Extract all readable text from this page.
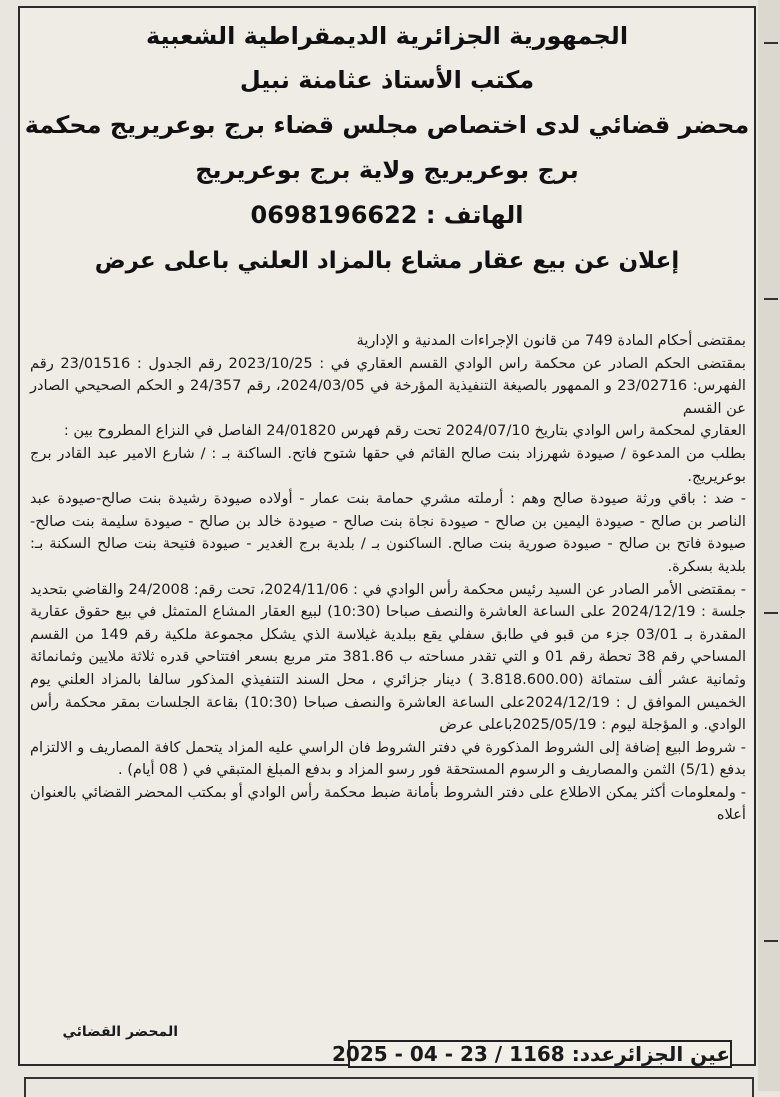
الجمهورية الجزائرية الديمقراطية الشعبية
مكتب الأستاذ عثامنة نبيل
محضر قضائي لدى اختصاص مجلس قضاء برج بوعريريج محكمة
برج بوعريريج ولاية برج بوعريريج
الهاتف : 0698196622
إعلان عن بيع عقار مشاع بالمزاد العلني باعلى عرض

بمقتضى أحكام المادة 749 من قانون الإجراءات المدنية و الإدارية

بمقتضى الحكم الصادر عن محكمة راس الوادي القسم العقاري في : 2023/10/25 رقم الجدول : 23/01516 رقم الفهرس: 23/02716 و الممهور بالصيغة التنفيذية المؤرخة في 2024/03/05، رقم 24/357 و الحكم الصحيحي الصادر عن القسم

العقاري لمحكمة راس الوادي بتاريخ 2024/07/10 تحت رقم فهرس 24/01820 الفاصل في النزاع المطروح بين :

بطلب من المدعوة / صيودة شهرزاد بنت صالح القائم في حقها شتوح فاتح. الساكنة بـ : / شارع الامير عبد القادر برج بوعريريج.

- ضد : باقي ورثة صيودة صالح وهم : أرملته مشري حمامة بنت عمار - أولاده صيودة رشيدة بنت صالح-صيودة عبد الناصر بن صالح - صيودة اليمين بن صالح - صيودة نجاة بنت صالح - صيودة خالد بن صالح - صيودة سليمة بنت صالح-صيودة فاتح بن صالح - صيودة صورية بنت صالح. الساكنون بـ / بلدية برج الغدير - صيودة فتيحة بنت صالح السكنة بـ: بلدية بسكرة.

- بمقتضى الأمر الصادر عن السيد رئيس محكمة رأس الوادي في : 2024/11/06، تحت رقم: 24/2008 والقاضي بتحديد جلسة : 2024/12/19 على الساعة العاشرة والنصف صباحا (10:30) لبيع العقار المشاع المتمثل في بيع حقوق عقارية المقدرة بـ 03/01 جزء من قبو في طابق سفلي يقع ببلدية غيلاسة الذي يشكل مجموعة ملكية رقم 149 من القسم المساحي رقم 38 تحطة رقم 01 و التي تقدر مساحته ب 381.86 متر مربع بسعر افتتاحي قدره ثلاثة ملايين وثمانمائة وثمانية عشر ألف ستمائة (3.818.600.00 ) دينار جزائري ، محل السند التنفيذي المذكور سالفا بالمزاد العلني يوم الخميس الموافق ل : 2024/12/19على الساعة العاشرة والنصف صباحا (10:30) بقاعة الجلسات بمقر محكمة رأس الوادي. و المؤجلة ليوم : 2025/05/19باعلى عرض

- شروط البيع إضافة إلى الشروط المذكورة في دفتر الشروط فان الراسي عليه المزاد يتحمل كافة المصاريف و الالتزام بدفع (5/1) الثمن والمصاريف و الرسوم المستحقة فور رسو المزاد و بدفع المبلغ المتبقي في ( 08 أيام) .

- ولمعلومات أكثر يمكن الاطلاع على دفتر الشروط بأمانة ضبط محكمة رأس الوادي أو بمكتب المحضر القضائي بالعنوان أعلاه

المحضر القضائي
عين الجزائرعدد: 1168 / 23 - 04 - 2025
